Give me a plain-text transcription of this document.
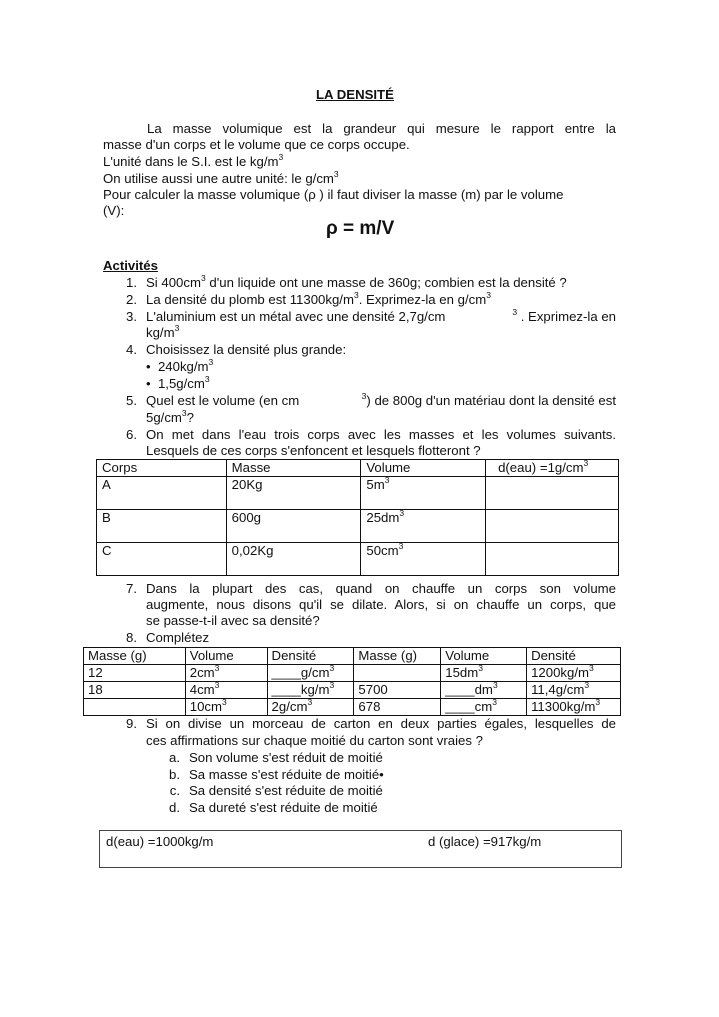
LA DENSITÉ
La masse volumique est la grandeur qui mesure le rapport entre la
masse d'un corps et le volume que ce corps occupe.
L'unité dans le S.I. est le $kg/m^3$
On utilise aussi une autre unité: le $g/cm^3$
Pour calculer la masse volumique (ρ ) il faut diviser la masse (m) par le volume
(V):
ρ = m/V
Activités
1. Si $400cm^3$ d'un liquide ont une masse de 360g; combien est la densité ?
2. La densité du plomb est $11300kg/m^3$. Exprimez-la en $g/cm^3$
3. L'aluminium est un métal avec une densité 2,7g/cm	$^3$ . Exprimez-la en
$kg/m^3$
4. Choisissez la densité plus grande:
• $240kg/m^3$
• $1,5g/cm^3$
5. Quel est le volume (en cm	$^3$) de 800g d'un matériau dont la densité est
$5g/cm^3$?
6. On met dans l'eau trois corps avec les masses et les volumes suivants.
Lesquels de ces corps s'enfoncent et lesquels flotteront ?
Corps	Masse	Volume	$d(eau) =1g/cm^3$
A	20Kg	$5m^3$	
B	600g	$25dm^3$	
C	0,02Kg	$50cm^3$	
7. Dans la plupart des cas, quand on chauffe un corps son volume
augmente, nous disons qu'il se dilate. Alors, si on chauffe un corps, que
se passe-t-il avec sa densité?
8. Complétez
Masse (g)	Volume	Densité	Masse (g)	Volume	Densité
12	$2cm^3$	$\_\_\_\_g/cm^3$		$15dm^3$	$1200kg/m^3$
18	$4cm^3$	$\_\_\_\_kg/m^3$	5700	$\_\_\_\_dm^3$	$11,4g/cm^3$
	$10cm^3$	$2g/cm^3$	678	$\_\_\_\_cm^3$	$11300kg/m^3$
9. Si on divise un morceau de carton en deux parties égales, lesquelles de
ces affirmations sur chaque moitié du carton sont vraies ?
a. Son volume s'est réduit de moitié
b. Sa masse s'est réduite de moitié•
c. Sa densité s'est réduite de moitié
d. Sa dureté s'est réduite de moitié
d(eau) =1000kg/m	d (glace) =917kg/m
